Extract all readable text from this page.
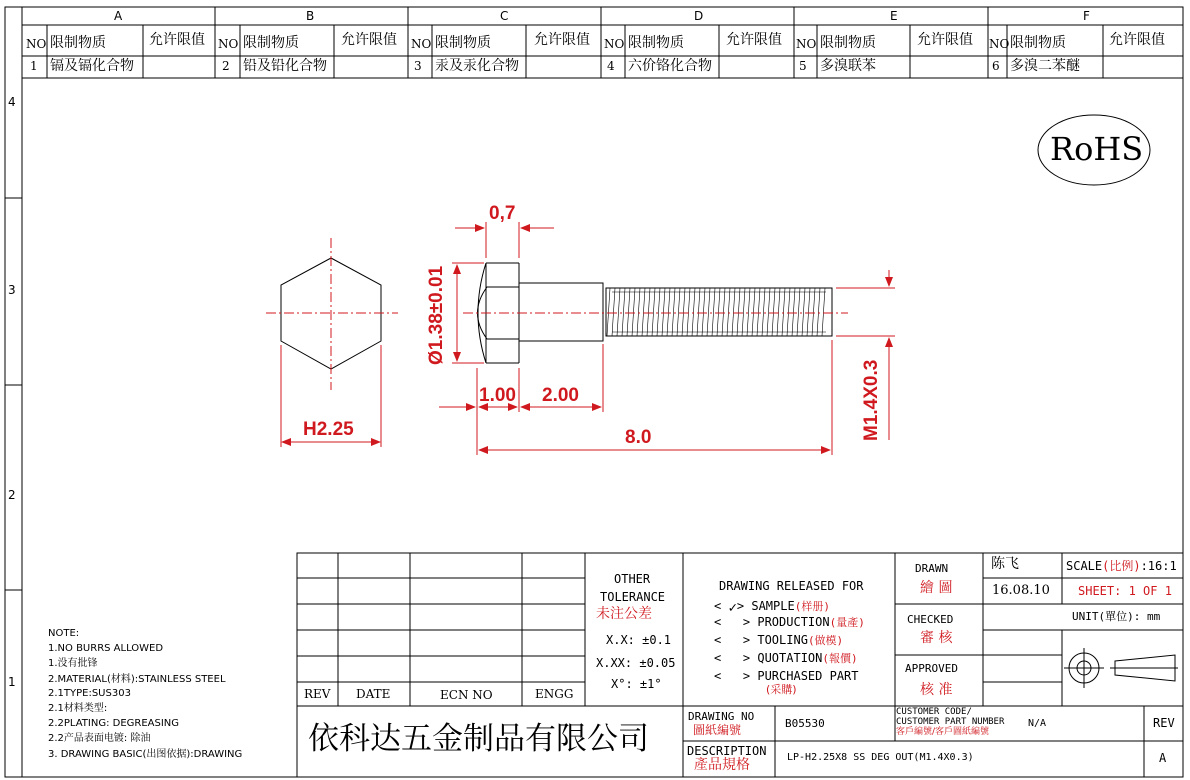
A	B	C	D	E	F
4
3
2
1
NO 限制物质	允许限值 NO 限制物质	允许限值 NO 限制物质	允许限值 NO 限制物质	允许限值 NO 限制物质	允许限值 NO 限制物质	允许限值
1 镉及镉化合物	2 铅及铅化合物	3 汞及汞化合物	4 六价铬化合物	5 多溴联苯	6 多溴二苯醚
RoHS
0,7
Ø1.38±0.01
1.00 2.00
8.0	M1.4X0.3
H2.25
NOTE:
1.NO BURRS ALLOWED
1.没有批锋
2.MATERIAL(材料):STAINLESS STEEL
2.1TYPE:SUS303
2.1材料类型:
2.2PLATING: DEGREASING
2.2产品表面电镀: 除油
3. DRAWING BASIC(出图依据):DRAWING
REV DATE	ECN NO	ENGG
OTHER
TOLERANCE
未注公差
X.X: ±0.1
X.XX: ±0.05
X°: ±1°
DRAWING RELEASED FOR
< ✓> SAMPLE(样册)
<   > PRODUCTION(量產)
<   > TOOLING(做模)
<   > QUOTATION(報價)
<   > PURCHASED PART
(采購)
DRAWN
繪 圖
陈飞
16.08.10
CHECKED
審 核
APPROVED
核 准
SCALE(比例):16:1
SHEET: 1 OF 1
UNIT(單位): mm
依科达五金制品有限公司
DRAWING NO
圖紙編號	B05530
CUSTOMER CODE/
CUSTOMER PART NUMBER
客戶編號/客戶圖紙編號
N/A	REV
A
DESCRIPTION
產品規格	LP-H2.25X8 SS DEG OUT(M1.4X0.3)
